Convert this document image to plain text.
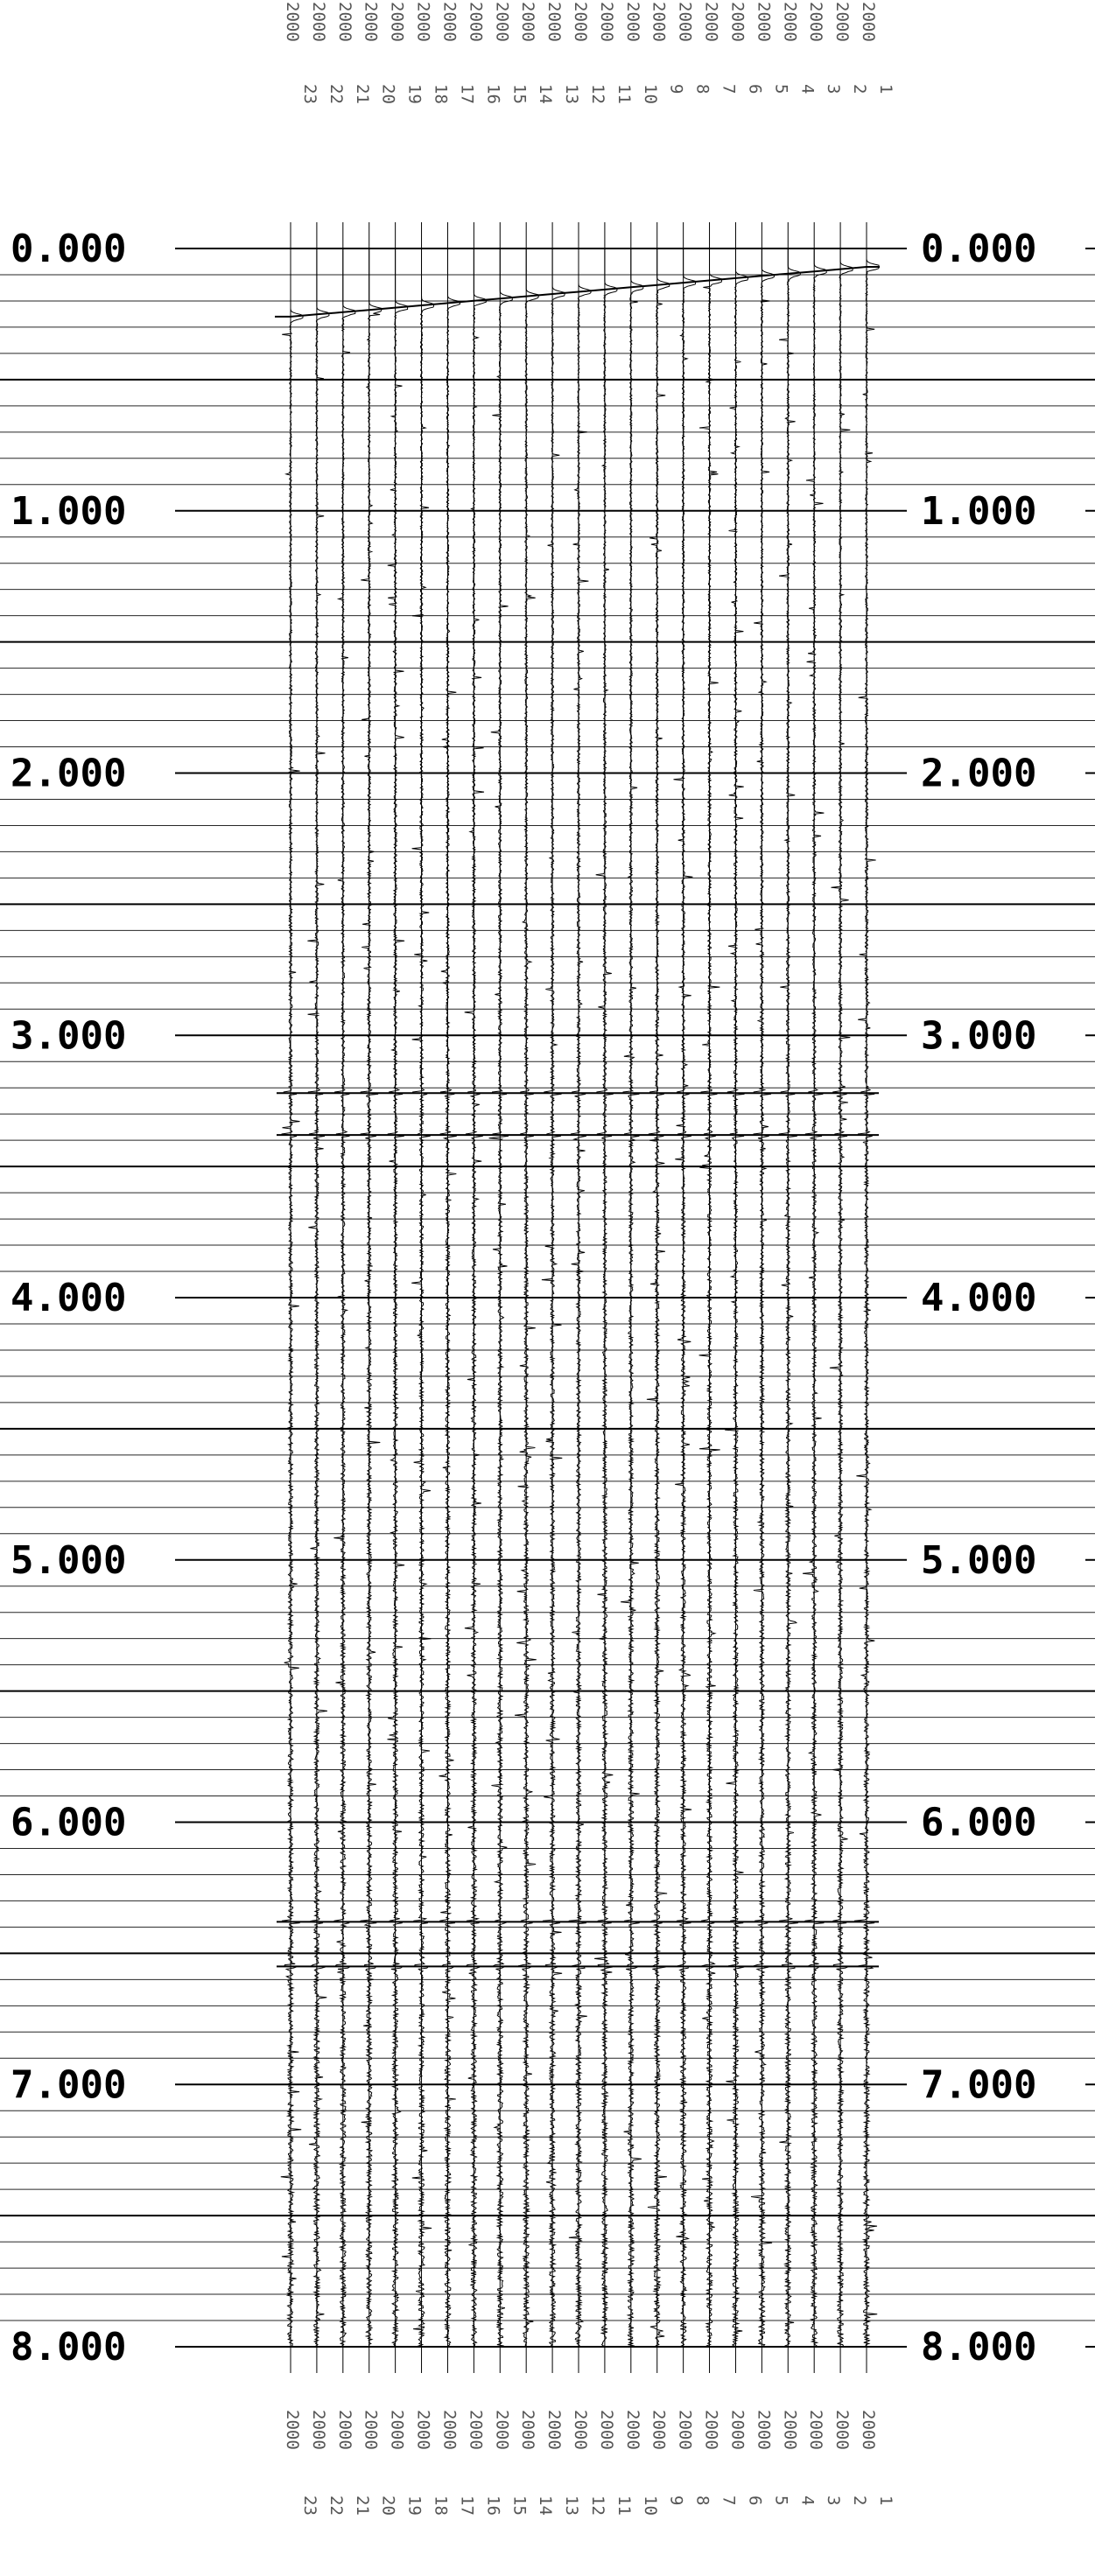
0.000	0.000
1.000	1.000
2.000	2.000
3.000	3.000
4.000	4.000
5.000	5.000
6.000	6.000
7.000	7.000
8.000	8.000
2000
23
2000
23
2000
22
2000
22
2000
21
2000
21
2000
20
2000
20
2000
19
2000
19
2000
18
2000
18
2000
17
2000
17
2000
16
2000
16
2000
15
2000
15
2000
14
2000
14
2000
13
2000
13
2000
12
2000
12
2000
11
2000
11
2000
10
2000
10
2000
9
2000
9
2000
8
2000
8
2000
7
2000
7
2000
6
2000
6
2000
5
2000
5
2000
4
2000
4
2000
3
2000
3
2000
2
2000
2
2000
1
2000
1
